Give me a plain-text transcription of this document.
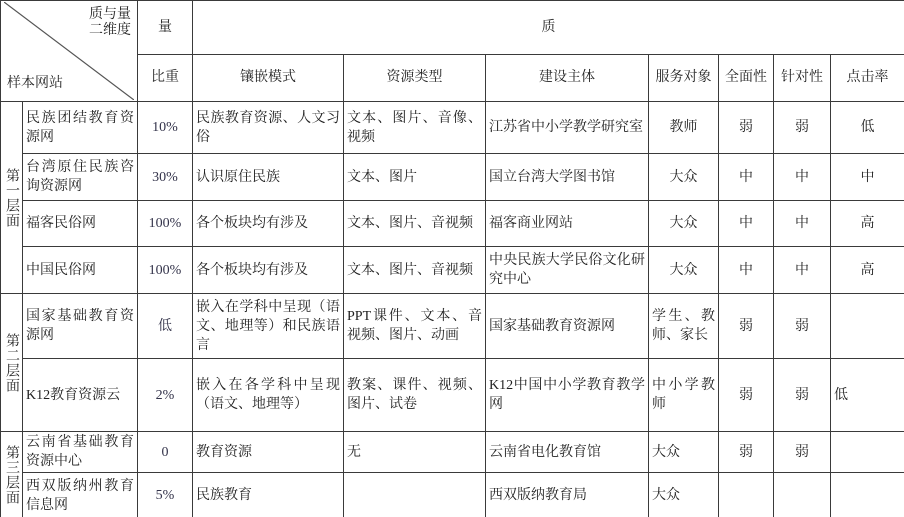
质与量
二维度
样本网站		量	质						
		比重	镶嵌模式	资源类型	建设主体	服务对象	全面性	针对性	点击率
第一层面	民族团结教育资源网	10%	民族教育资源、人文习俗	文本、图片、音像、视频	江苏省中小学教学研究室	教师	弱	弱	低
	台湾原住民族咨询资源网	30%	认识原住民族	文本、图片	国立台湾大学图书馆	大众	中	中	中
	福客民俗网	100%	各个板块均有涉及	文本、图片、音视频	福客商业网站	大众	中	中	高
	中国民俗网	100%	各个板块均有涉及	文本、图片、音视频	中央民族大学民俗文化研究中心	大众	中	中	高
第二层面	国家基础教育资源网	低	嵌入在学科中呈现（语文、地理等）和民族语言	PPT课件、文本、音视频、图片、动画	国家基础教育资源网	学生、教师、家长	弱	弱	
	K12教育资源云	2%	嵌入在各学科中呈现（语文、地理等）	教案、课件、视频、图片、试卷	K12中国中小学教育教学网	中小学教师	弱	弱	低
第三层面	云南省基础教育资源中心	0	教育资源	无	云南省电化教育馆	大众	弱	弱	
	西双版纳州教育信息网	5%	民族教育		西双版纳教育局	大众			
